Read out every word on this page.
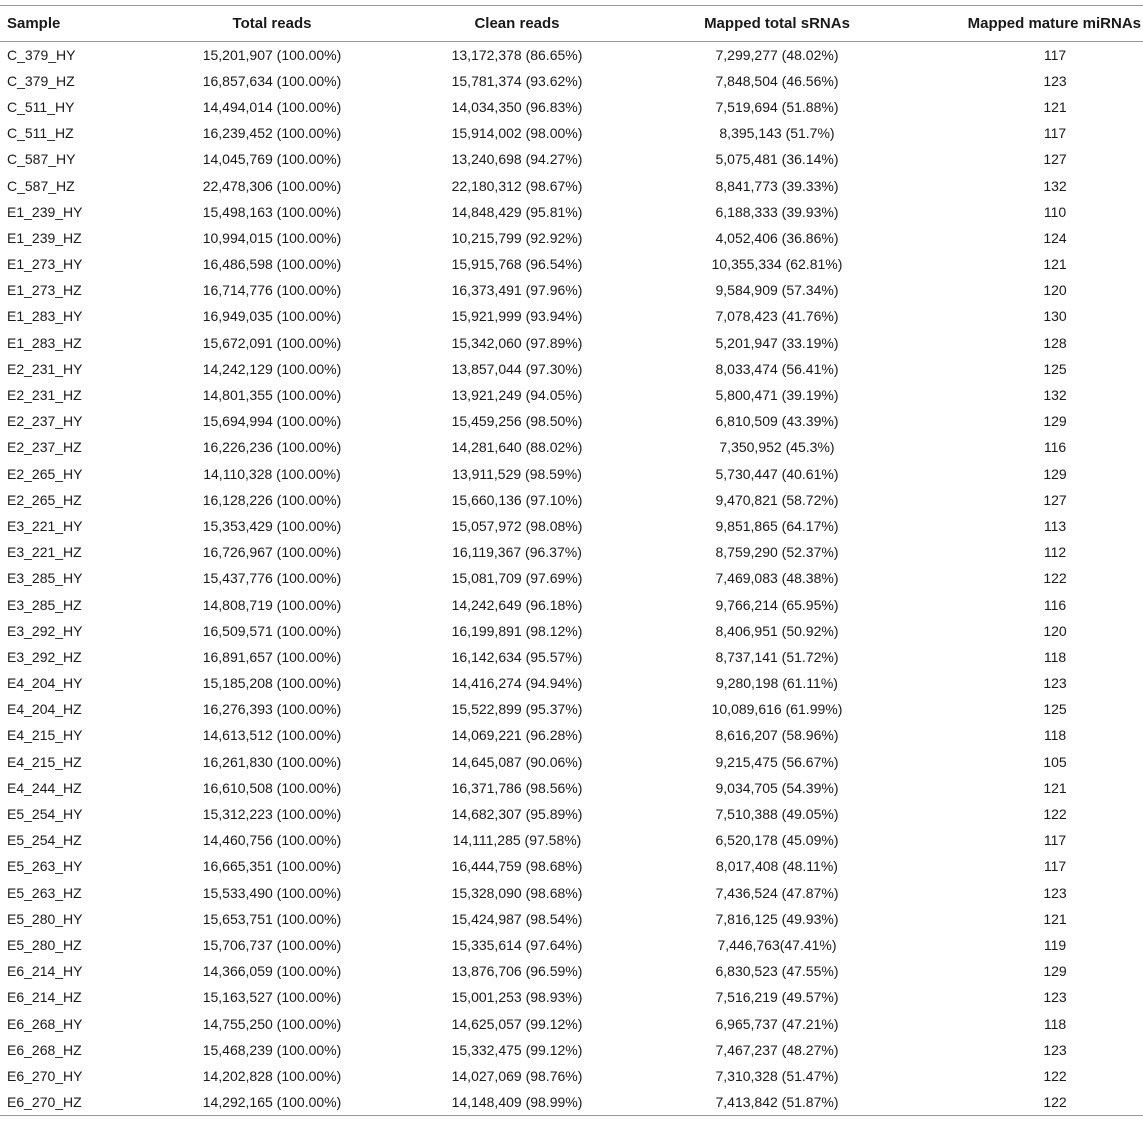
Sample	Total reads	Clean reads	Mapped total sRNAs	Mapped mature miRNAs
C_379_HY	15,201,907 (100.00%)	13,172,378 (86.65%)	7,299,277 (48.02%)	117
C_379_HZ	16,857,634 (100.00%)	15,781,374 (93.62%)	7,848,504 (46.56%)	123
C_511_HY	14,494,014 (100.00%)	14,034,350 (96.83%)	7,519,694 (51.88%)	121
C_511_HZ	16,239,452 (100.00%)	15,914,002 (98.00%)	8,395,143 (51.7%)	117
C_587_HY	14,045,769 (100.00%)	13,240,698 (94.27%)	5,075,481 (36.14%)	127
C_587_HZ	22,478,306 (100.00%)	22,180,312 (98.67%)	8,841,773 (39.33%)	132
E1_239_HY	15,498,163 (100.00%)	14,848,429 (95.81%)	6,188,333 (39.93%)	110
E1_239_HZ	10,994,015 (100.00%)	10,215,799 (92.92%)	4,052,406 (36.86%)	124
E1_273_HY	16,486,598 (100.00%)	15,915,768 (96.54%)	10,355,334 (62.81%)	121
E1_273_HZ	16,714,776 (100.00%)	16,373,491 (97.96%)	9,584,909 (57.34%)	120
E1_283_HY	16,949,035 (100.00%)	15,921,999 (93.94%)	7,078,423 (41.76%)	130
E1_283_HZ	15,672,091 (100.00%)	15,342,060 (97.89%)	5,201,947 (33.19%)	128
E2_231_HY	14,242,129 (100.00%)	13,857,044 (97.30%)	8,033,474 (56.41%)	125
E2_231_HZ	14,801,355 (100.00%)	13,921,249 (94.05%)	5,800,471 (39.19%)	132
E2_237_HY	15,694,994 (100.00%)	15,459,256 (98.50%)	6,810,509 (43.39%)	129
E2_237_HZ	16,226,236 (100.00%)	14,281,640 (88.02%)	7,350,952 (45.3%)	116
E2_265_HY	14,110,328 (100.00%)	13,911,529 (98.59%)	5,730,447 (40.61%)	129
E2_265_HZ	16,128,226 (100.00%)	15,660,136 (97.10%)	9,470,821 (58.72%)	127
E3_221_HY	15,353,429 (100.00%)	15,057,972 (98.08%)	9,851,865 (64.17%)	113
E3_221_HZ	16,726,967 (100.00%)	16,119,367 (96.37%)	8,759,290 (52.37%)	112
E3_285_HY	15,437,776 (100.00%)	15,081,709 (97.69%)	7,469,083 (48.38%)	122
E3_285_HZ	14,808,719 (100.00%)	14,242,649 (96.18%)	9,766,214 (65.95%)	116
E3_292_HY	16,509,571 (100.00%)	16,199,891 (98.12%)	8,406,951 (50.92%)	120
E3_292_HZ	16,891,657 (100.00%)	16,142,634 (95.57%)	8,737,141 (51.72%)	118
E4_204_HY	15,185,208 (100.00%)	14,416,274 (94.94%)	9,280,198 (61.11%)	123
E4_204_HZ	16,276,393 (100.00%)	15,522,899 (95.37%)	10,089,616 (61.99%)	125
E4_215_HY	14,613,512 (100.00%)	14,069,221 (96.28%)	8,616,207 (58.96%)	118
E4_215_HZ	16,261,830 (100.00%)	14,645,087 (90.06%)	9,215,475 (56.67%)	105
E4_244_HZ	16,610,508 (100.00%)	16,371,786 (98.56%)	9,034,705 (54.39%)	121
E5_254_HY	15,312,223 (100.00%)	14,682,307 (95.89%)	7,510,388 (49.05%)	122
E5_254_HZ	14,460,756 (100.00%)	14,111,285 (97.58%)	6,520,178 (45.09%)	117
E5_263_HY	16,665,351 (100.00%)	16,444,759 (98.68%)	8,017,408 (48.11%)	117
E5_263_HZ	15,533,490 (100.00%)	15,328,090 (98.68%)	7,436,524 (47.87%)	123
E5_280_HY	15,653,751 (100.00%)	15,424,987 (98.54%)	7,816,125 (49.93%)	121
E5_280_HZ	15,706,737 (100.00%)	15,335,614 (97.64%)	7,446,763(47.41%)	119
E6_214_HY	14,366,059 (100.00%)	13,876,706 (96.59%)	6,830,523 (47.55%)	129
E6_214_HZ	15,163,527 (100.00%)	15,001,253 (98.93%)	7,516,219 (49.57%)	123
E6_268_HY	14,755,250 (100.00%)	14,625,057 (99.12%)	6,965,737 (47.21%)	118
E6_268_HZ	15,468,239 (100.00%)	15,332,475 (99.12%)	7,467,237 (48.27%)	123
E6_270_HY	14,202,828 (100.00%)	14,027,069 (98.76%)	7,310,328 (51.47%)	122
E6_270_HZ	14,292,165 (100.00%)	14,148,409 (98.99%)	7,413,842 (51.87%)	122
